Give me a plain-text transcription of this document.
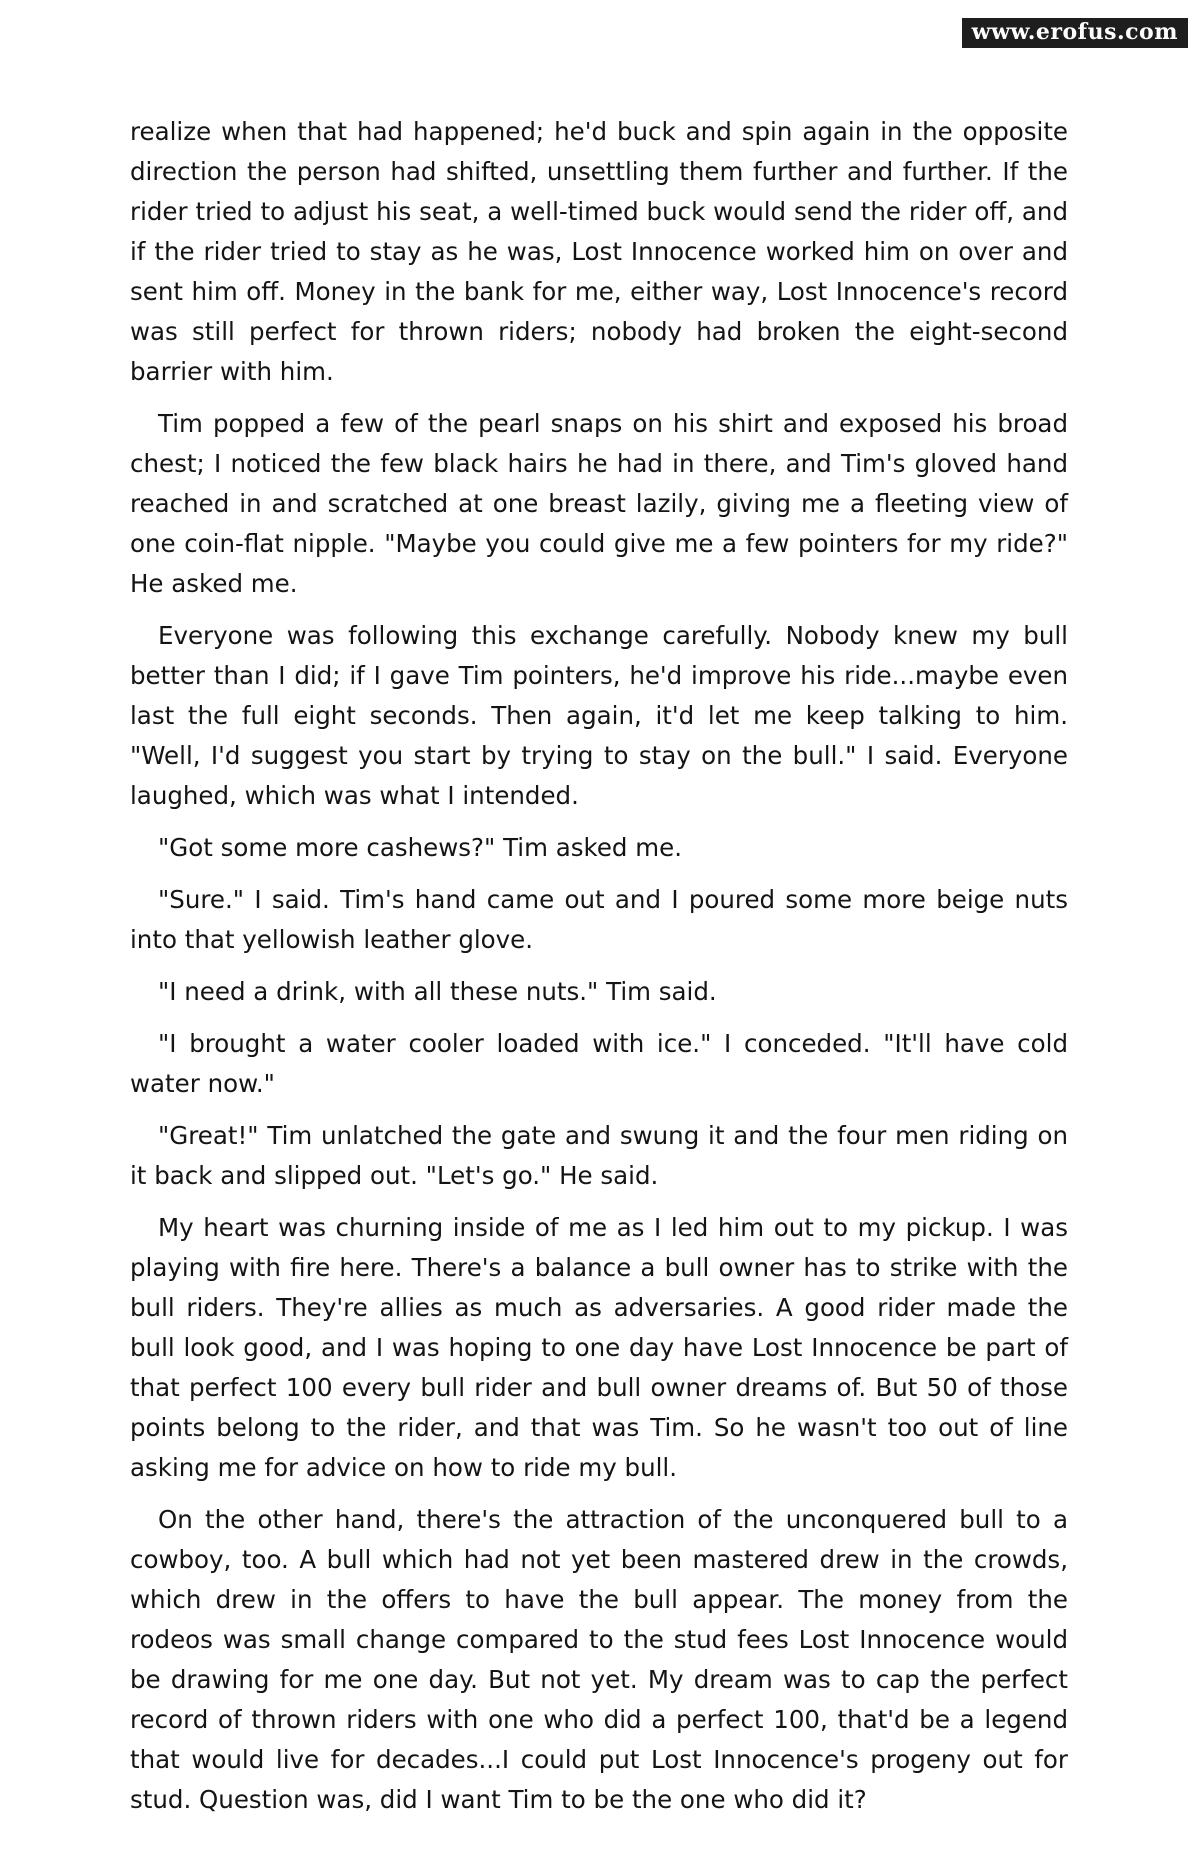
www.erofus.com

realize when that had happened; he'd buck and spin again in the opposite direction the person had shifted, unsettling them further and further. If the rider tried to adjust his seat, a well-timed buck would send the rider off, and if the rider tried to stay as he was, Lost Innocence worked him on over and sent him off. Money in the bank for me, either way, Lost Innocence's record was still perfect for thrown riders; nobody had broken the eight-second barrier with him.

Tim popped a few of the pearl snaps on his shirt and exposed his broad chest; I noticed the few black hairs he had in there, and Tim's gloved hand reached in and scratched at one breast lazily, giving me a fleeting view of one coin-flat nipple. "Maybe you could give me a few pointers for my ride?" He asked me.

Everyone was following this exchange carefully. Nobody knew my bull better than I did; if I gave Tim pointers, he'd improve his ride...maybe even last the full eight seconds. Then again, it'd let me keep talking to him. "Well, I'd suggest you start by trying to stay on the bull." I said. Everyone laughed, which was what I intended.

"Got some more cashews?" Tim asked me.

"Sure." I said. Tim's hand came out and I poured some more beige nuts into that yellowish leather glove.

"I need a drink, with all these nuts." Tim said.

"I brought a water cooler loaded with ice." I conceded. "It'll have cold water now."

"Great!" Tim unlatched the gate and swung it and the four men riding on it back and slipped out. "Let's go." He said.

My heart was churning inside of me as I led him out to my pickup. I was playing with fire here. There's a balance a bull owner has to strike with the bull riders. They're allies as much as adversaries. A good rider made the bull look good, and I was hoping to one day have Lost Innocence be part of that perfect 100 every bull rider and bull owner dreams of. But 50 of those points belong to the rider, and that was Tim. So he wasn't too out of line asking me for advice on how to ride my bull.

On the other hand, there's the attraction of the unconquered bull to a cowboy, too. A bull which had not yet been mastered drew in the crowds, which drew in the offers to have the bull appear. The money from the rodeos was small change compared to the stud fees Lost Innocence would be drawing for me one day. But not yet. My dream was to cap the perfect record of thrown riders with one who did a perfect 100, that'd be a legend that would live for decades...I could put Lost Innocence's progeny out for stud. Question was, did I want Tim to be the one who did it?
